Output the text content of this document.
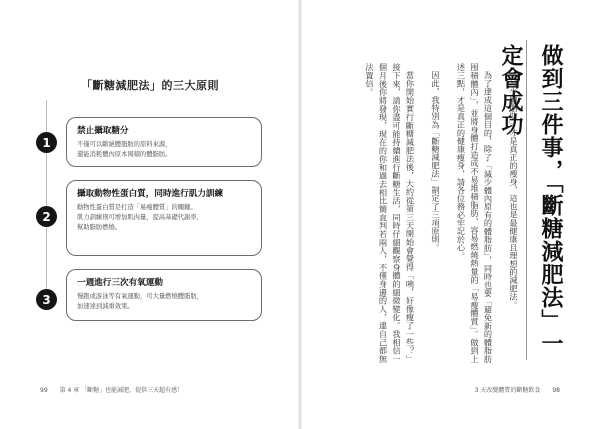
「斷糖減肥法」的三大原則
1
禁止攝取糖分
不僅可以斷絕體脂肪的原料來源，
還能消耗體內原本囤積的體脂肪。
2
攝取動物性蛋白質，同時進行肌力訓練
動物性蛋白質是打造「易瘦體質」的關鍵。
肌力訓練則可增加肌肉量，提高基礎代謝率，
幫助脂肪燃燒。
3
一週進行三次有氧運動
慢跑或游泳等有氧運動，可大量燃燒體脂肪，
加速達到減重效果。
99 第 4 章 「斷糖」也能減肥，提供三天超有感！
做到三件事，「斷糖減肥法」一定會成功

「減少體脂肪」才是真正的瘦身，這也是最健康且理想的減肥法。

為了達成這個目的，除了「減少體內原有的體脂肪」，同時也要「避免新的體脂肪囤積體內」，並將身體打造成不易堆積脂肪、容易燃燒熱量的「易瘦體質」。做到上述三點，才是真正的健康瘦身，請各位務必牢記於心。

因此，我特別為「斷糖減肥法」制定了三項原則。

當你開始實行斷糖減肥法後，大約從第三天開始會覺得「咦，好像瘦了一些？」接下來，請你盡可能持續進行斷糖生活，同時仔細觀察身體的細微變化。我相信一個月後你將發現，現在的你和過去相比簡直判若兩人，不僅身邊的人，連自己都無法置信。

3 天改變體質的斷糖飲食 98
